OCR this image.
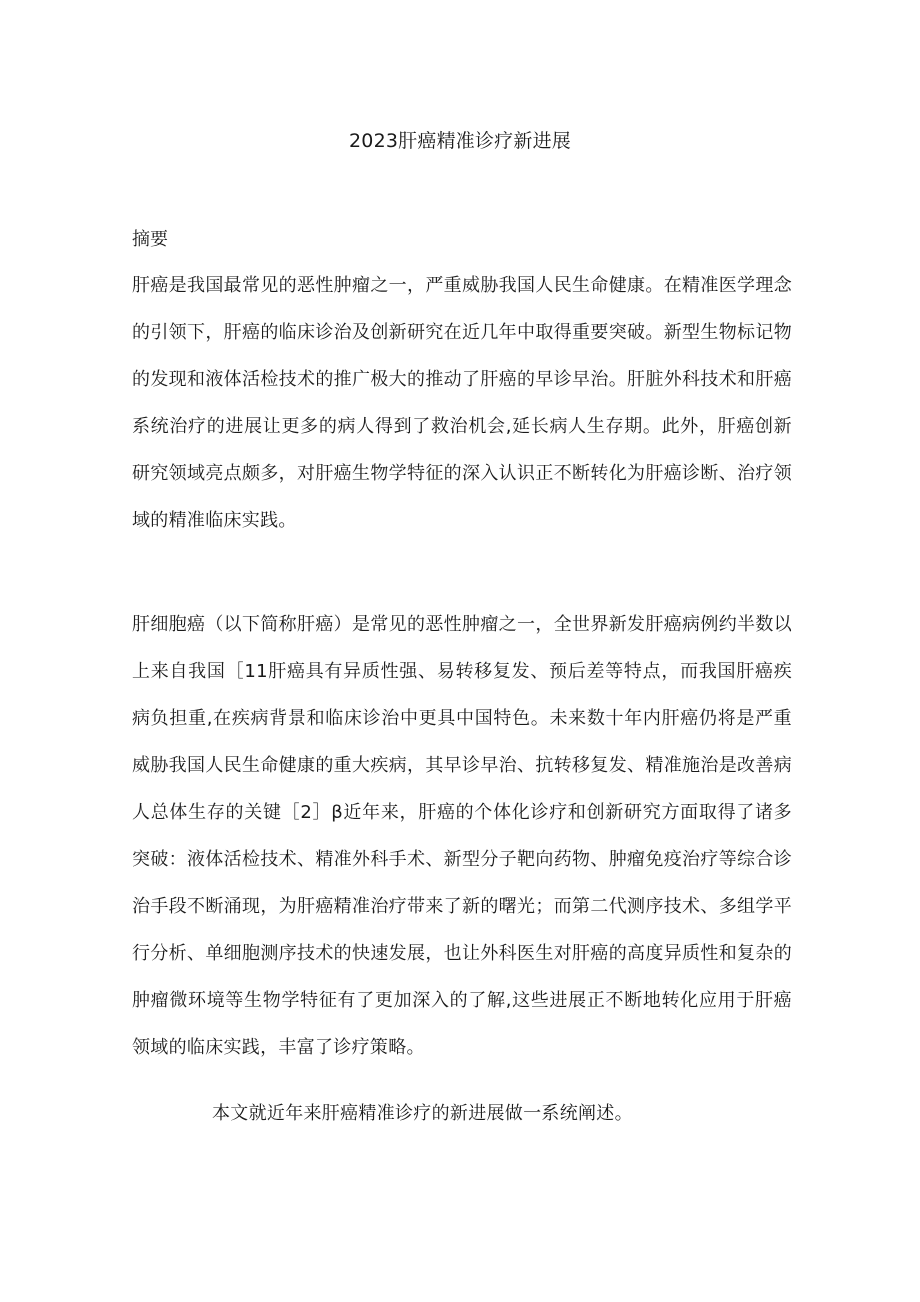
2023肝癌精准诊疗新进展
摘要

肝癌是我国最常见的恶性肿瘤之一，严重威胁我国人民生命健康。在精准医学理念的引领下，肝癌的临床诊治及创新研究在近几年中取得重要突破。新型生物标记物的发现和液体活检技术的推广极大的推动了肝癌的早诊早治。肝脏外科技术和肝癌系统治疗的进展让更多的病人得到了救治机会,延长病人生存期。此外，肝癌创新研究领域亮点颇多，对肝癌生物学特征的深入认识正不断转化为肝癌诊断、治疗领域的精准临床实践。

肝细胞癌（以下简称肝癌）是常见的恶性肿瘤之一，全世界新发肝癌病例约半数以上来自我国［11肝癌具有异质性强、易转移复发、预后差等特点，而我国肝癌疾病负担重,在疾病背景和临床诊治中更具中国特色。未来数十年内肝癌仍将是严重威胁我国人民生命健康的重大疾病，其早诊早治、抗转移复发、精准施治是改善病人总体生存的关键［2］β近年来，肝癌的个体化诊疗和创新研究方面取得了诸多突破：液体活检技术、精准外科手术、新型分子靶向药物、肿瘤免疫治疗等综合诊治手段不断涌现，为肝癌精准治疗带来了新的曙光；而第二代测序技术、多组学平行分析、单细胞测序技术的快速发展，也让外科医生对肝癌的高度异质性和复杂的肿瘤微环境等生物学特征有了更加深入的了解,这些进展正不断地转化应用于肝癌领域的临床实践，丰富了诊疗策略。

本文就近年来肝癌精准诊疗的新进展做一系统阐述。
